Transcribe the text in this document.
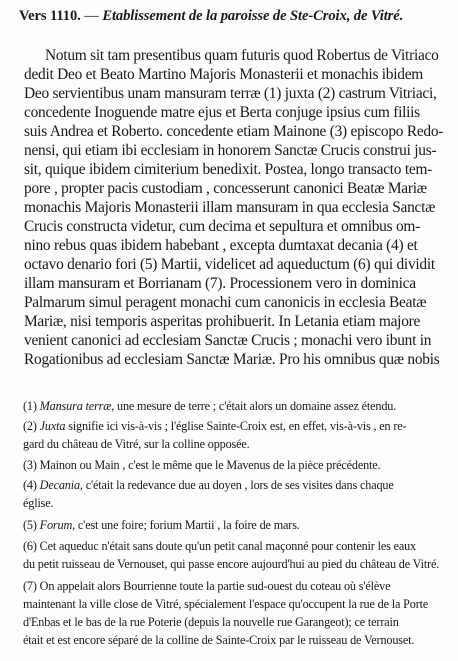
Vers 1110. — Etablissement de la paroisse de Ste-Croix, de Vitré.
Notum sit tam presentibus quam futuris quod Robertus de Vitriaco
dedit Deo et Beato Martino Majoris Monasterii et monachis ibidem
Deo servientibus unam mansuram terræ (1) juxta (2) castrum Vitriaci,
concedente Inoguende matre ejus et Berta conjuge ipsius cum filiis
suis Andrea et Roberto. concedente etiam Mainone (3) episcopo Redo-
nensi, qui etiam ibi ecclesiam in honorem Sanctæ Crucis construi jus-
sit, quique ibidem cimiterium benedixit. Postea, longo transacto tem-
pore , propter pacis custodiam , concesserunt canonici Beatæ Mariæ
monachis Majoris Monasterii illam mansuram in qua ecclesia Sanctæ
Crucis constructa videtur, cum decima et sepultura et omnibus om-
nino rebus quas ibidem habebant , excepta dumtaxat decania (4) et
octavo denario fori (5) Martii, videlicet ad aqueductum (6) qui dividit
illam mansuram et Borrianam (7). Processionem vero in dominica
Palmarum simul peragent monachi cum canonicis in ecclesia Beatæ
Mariæ, nisi temporis asperitas prohibuerit. In Letania etiam majore
venient canonici ad ecclesiam Sanctæ Crucis ; monachi vero ibunt in
Rogationibus ad ecclesiam Sanctæ Mariæ. Pro his omnibus quæ nobis
(1) Mansura terræ, une mesure de terre ; c'était alors un domaine assez étendu.
(2) Juxta signifie ici vis-à-vis ; l'église Sainte-Croix est, en effet, vis-à-vis , en re-
gard du château de Vitré, sur la colline opposée.
(3) Mainon ou Main , c'est le même que le Mavenus de la pièce précédente.
(4) Decania, c'était la redevance due au doyen , lors de ses visites dans chaque
église.
(5) Forum, c'est une foire; forium Martii , la foire de mars.
(6) Cet aqueduc n'était sans doute qu'un petit canal maçonné pour contenir les eaux
du petit ruisseau de Vernouset, qui passe encore aujourd'hui au pied du château de Vitré.
(7) On appelait alors Bourrienne toute la partie sud-ouest du coteau où s'élève
maintenant la ville close de Vitré, spécialement l'espace qu'occupent la rue de la Porte
d'Enbas et le bas de la rue Poterie (depuis la nouvelle rue Garangeot); ce terrain
était et est encore séparé de la colline de Sainte-Croix par le ruisseau de Vernouset.
